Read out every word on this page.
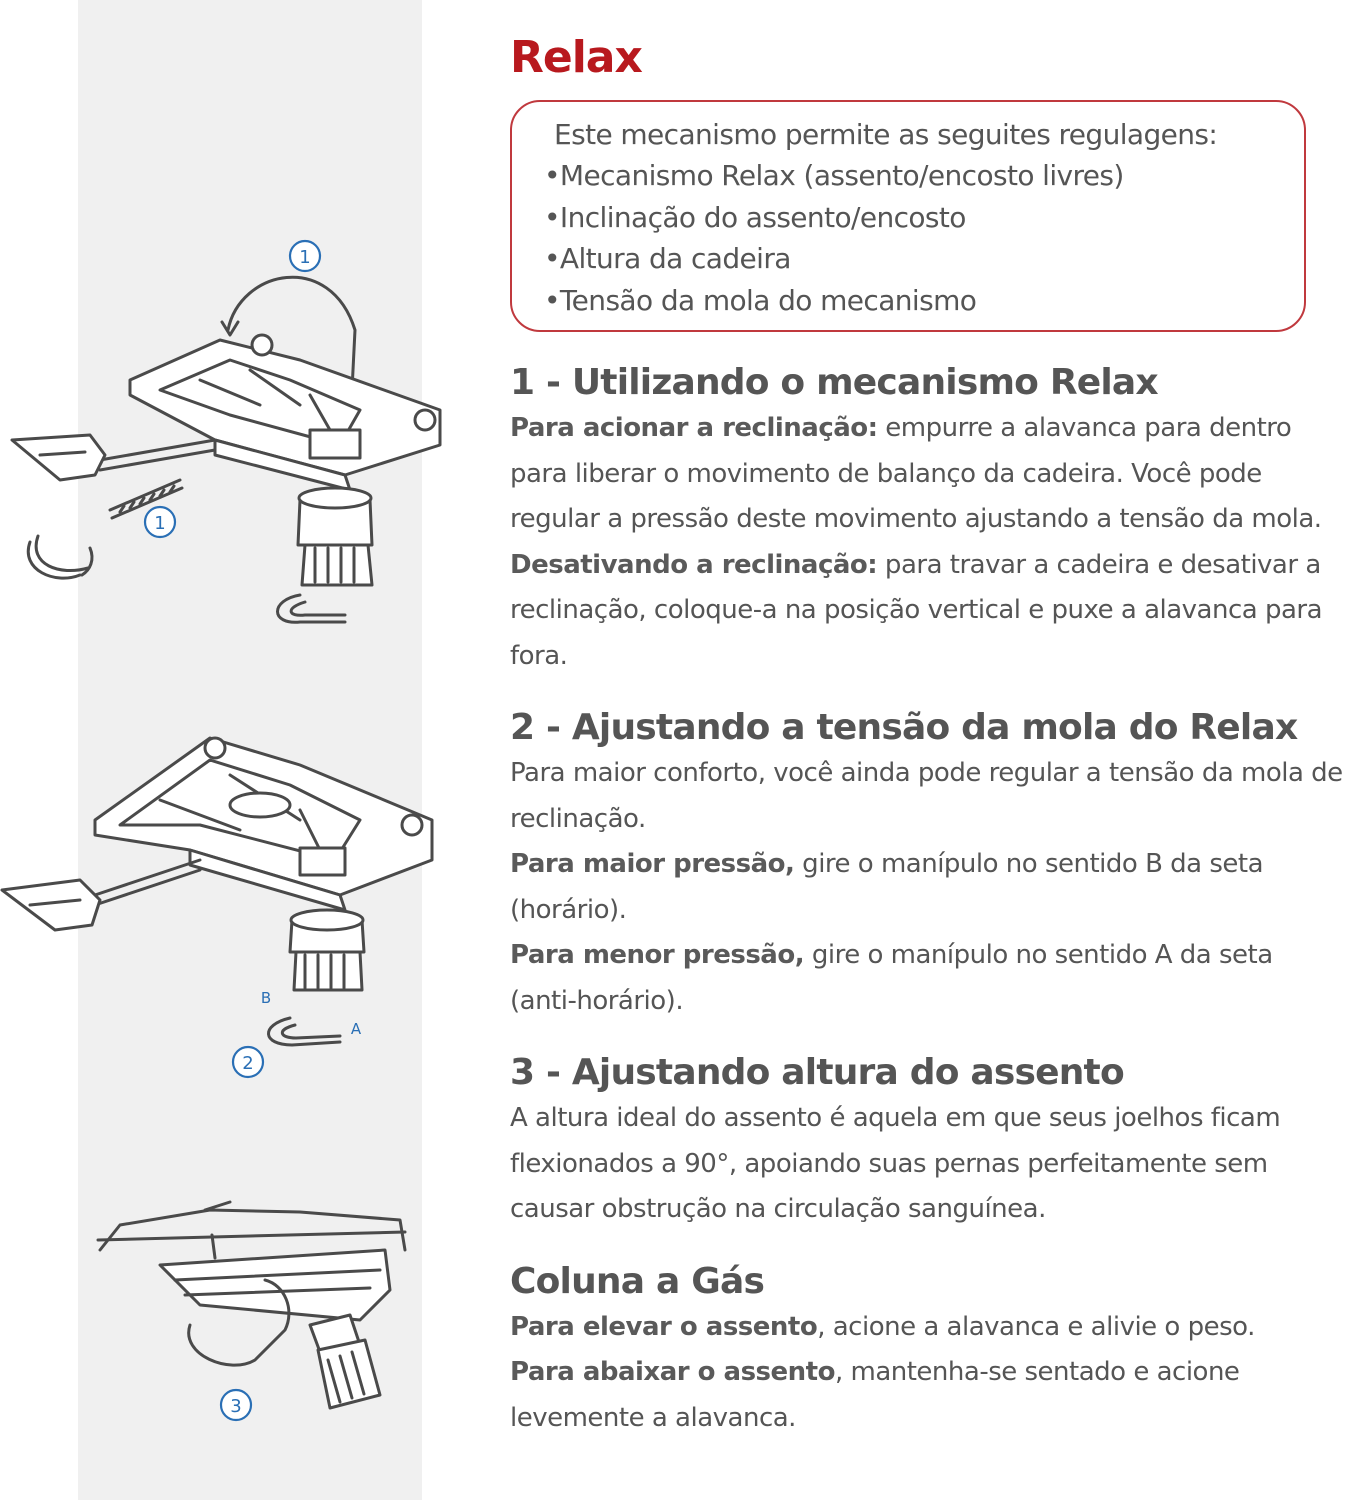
1
1
B
A
2
3
Relax

Este mecanismo permite as seguites regulagens:

• Mecanismo Relax (assento/encosto livres)
• Inclinação do assento/encosto
• Altura da cadeira
• Tensão da mola do mecanismo
1 - Utilizando o mecanismo Relax

Para acionar a reclinação: empurre a alavanca para dentro para liberar o movimento de balanço da cadeira. Você pode regular a pressão deste movimento ajustando a tensão da mola.

Desativando a reclinação: para travar a cadeira e desativar a reclinação, coloque-a na posição vertical e puxe a alavanca para fora.

2 - Ajustando a tensão da mola do Relax

Para maior conforto, você ainda pode regular a tensão da mola de reclinação.

Para maior pressão, gire o manípulo no sentido B da seta (horário).

Para menor pressão, gire o manípulo no sentido A da seta (anti-horário).

3 - Ajustando altura do assento

A altura ideal do assento é aquela em que seus joelhos ficam flexionados a 90°, apoiando suas pernas perfeitamente sem causar obstrução na circulação sanguínea.

Coluna a Gás

Para elevar o assento, acione a alavanca e alivie o peso.

Para abaixar o assento, mantenha-se sentado e acione levemente a alavanca.
